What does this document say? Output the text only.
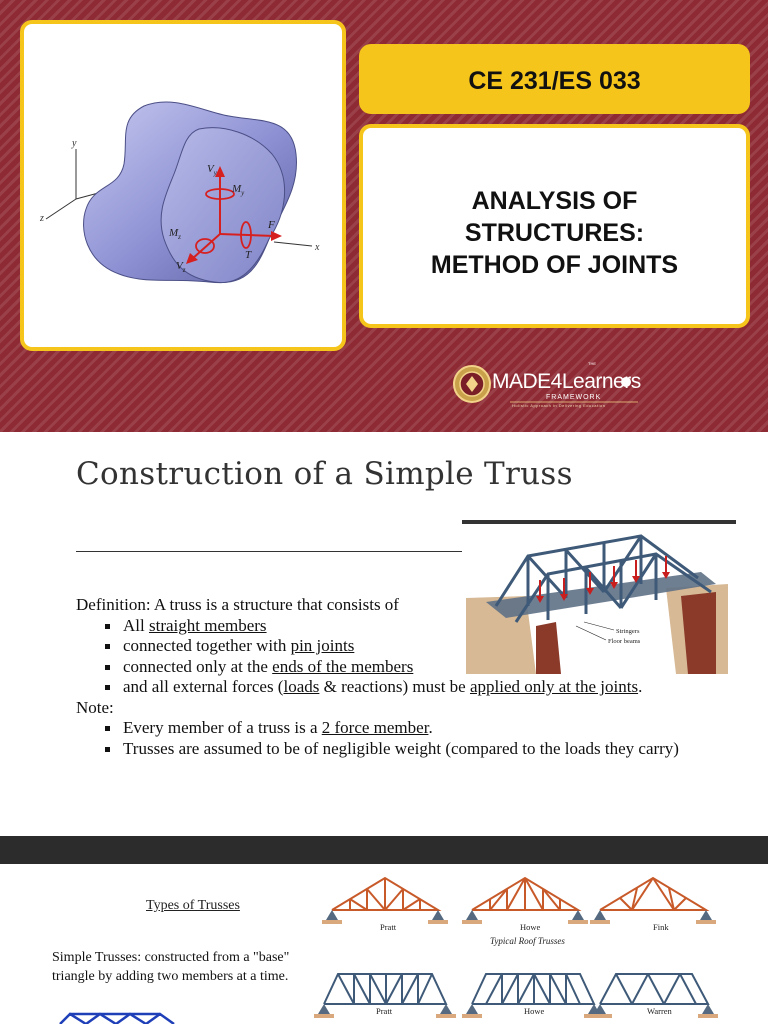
y
z
x
$V_y$
$M_y$
$M_z$
$V_z$
F
T
CE 231/ES 033
ANALYSIS OF
STRUCTURES:
METHOD OF JOINTS
THE
MADE4Learners
FRAMEWORK
Holistic Approach in Delivering Education
Construction of a Simple Truss
Stringers
Floor beams
Definition: A truss is a structure that consists of
All straight members
connected together with pin joints
connected only at the ends of the members
and all external forces (loads & reactions) must be applied only at the joints.
Note:
Every member of a truss is a 2 force member.
Trusses are assumed to be of negligible weight (compared to the loads they carry)
Types of Trusses
Simple Trusses: constructed from a "base" triangle by adding two members at a time.
Pratt	Howe	Fink
Typical Roof Trusses
Pratt	Howe	Warren
